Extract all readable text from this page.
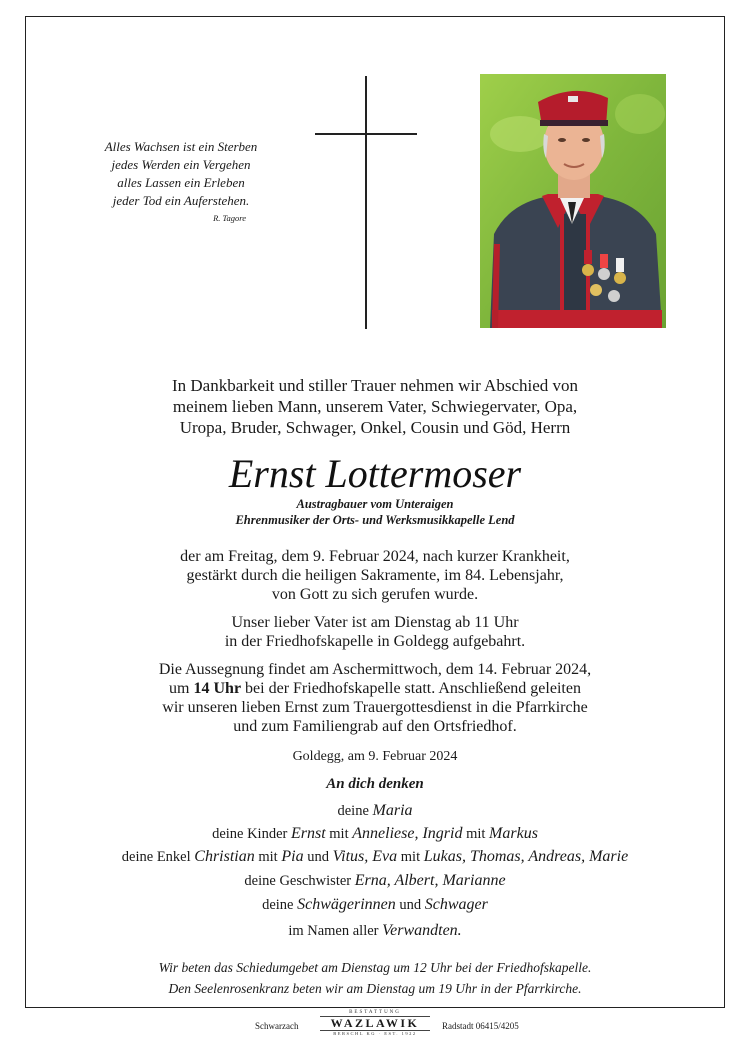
Alles Wachsen ist ein Sterben
jedes Werden ein Vergehen
alles Lassen ein Erleben
jeder Tod ein Auferstehen.
R. Tagore
In Dankbarkeit und stiller Trauer nehmen wir Abschied von
meinem lieben Mann, unserem Vater, Schwiegervater, Opa,
Uropa, Bruder, Schwager, Onkel, Cousin und Göd, Herrn
Ernst Lottermoser
Austragbauer vom Unteraigen
Ehrenmusiker der Orts- und Werksmusikkapelle Lend
der am Freitag, dem 9. Februar 2024, nach kurzer Krankheit,
gestärkt durch die heiligen Sakramente, im 84. Lebensjahr,
von Gott zu sich gerufen wurde.
Unser lieber Vater ist am Dienstag ab 11 Uhr
in der Friedhofskapelle in Goldegg aufgebahrt.
Die Aussegnung findet am Aschermittwoch, dem 14. Februar 2024,
um 14 Uhr bei der Friedhofskapelle statt. Anschließend geleiten
wir unseren lieben Ernst zum Trauergottesdienst in die Pfarrkirche
und zum Familiengrab auf den Ortsfriedhof.
Goldegg, am 9. Februar 2024
An dich denken
deine Maria
deine Kinder Ernst mit Anneliese, Ingrid mit Markus
deine Enkel Christian mit Pia und Vitus, Eva mit Lukas, Thomas, Andreas, Marie
deine Geschwister Erna, Albert, Marianne
deine Schwägerinnen und Schwager
im Namen aller Verwandten.
Wir beten das Schiedumgebet am Dienstag um 12 Uhr bei der Friedhofskapelle.
Den Seelenrosenkranz beten wir am Dienstag um 19 Uhr in der Pfarrkirche.
Schwarzach
BESTATTUNG
WAZLAWIK
BERSCHL KG · EST. 1922
Radstadt 06415/4205
